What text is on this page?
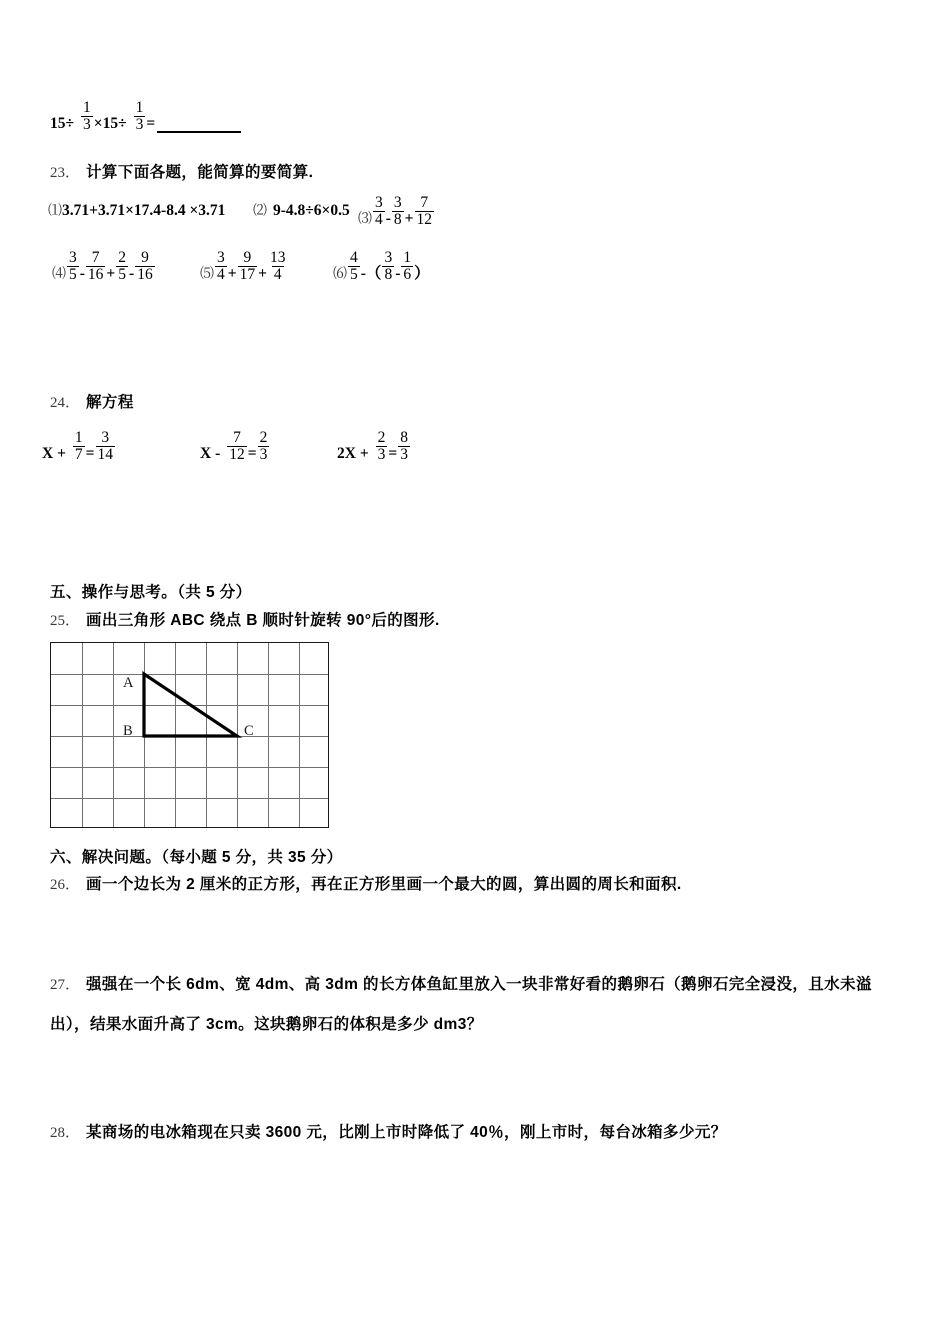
$15\div \frac{1}{3} \times 15\div \frac{1}{3}$ =
23． 计算下面各题，能简算的要简算.
⑴ 3.71+3.71×17.4-8.4 ×3.71 ⑵ 9-4.8÷6×0.5
⑶ $\frac{3}{4} - \frac{3}{8} + \frac{7}{12}$
⑷ $\frac{3}{5} - \frac{7}{16} + \frac{2}{5} - \frac{9}{16}$	⑸ $\frac{3}{4} + \frac{9}{17} + \frac{13}{4}$	⑹ $\frac{4}{5}$ - （ $\frac{3}{8} - \frac{1}{6}$ ）
24． 解方程
$X + \frac{1}{7} = \frac{3}{14}$	$X - \frac{7}{12} = \frac{2}{3}$	$2X + \frac{2}{3} = \frac{8}{3}$
五、操作与思考。（共 5 分）
25． 画出三角形 ABC 绕点 B 顺时针旋转 90°后的图形.
A
B	C
六、解决问题。（每小题 5 分，共 35 分）
26． 画一个边长为 2 厘米的正方形，再在正方形里画一个最大的圆，算出圆的周长和面积.
27． 强强在一个长 6dm、宽 4dm、高 3dm 的长方体鱼缸里放入一块非常好看的鹅卵石（鹅卵石完全浸没，且水未溢
出），结果水面升高了 3cm。这块鹅卵石的体积是多少 dm 3 ？
28． 某商场的电冰箱现在只卖 3600 元，比刚上市时降低了 40％，刚上市时，每台冰箱多少元？
